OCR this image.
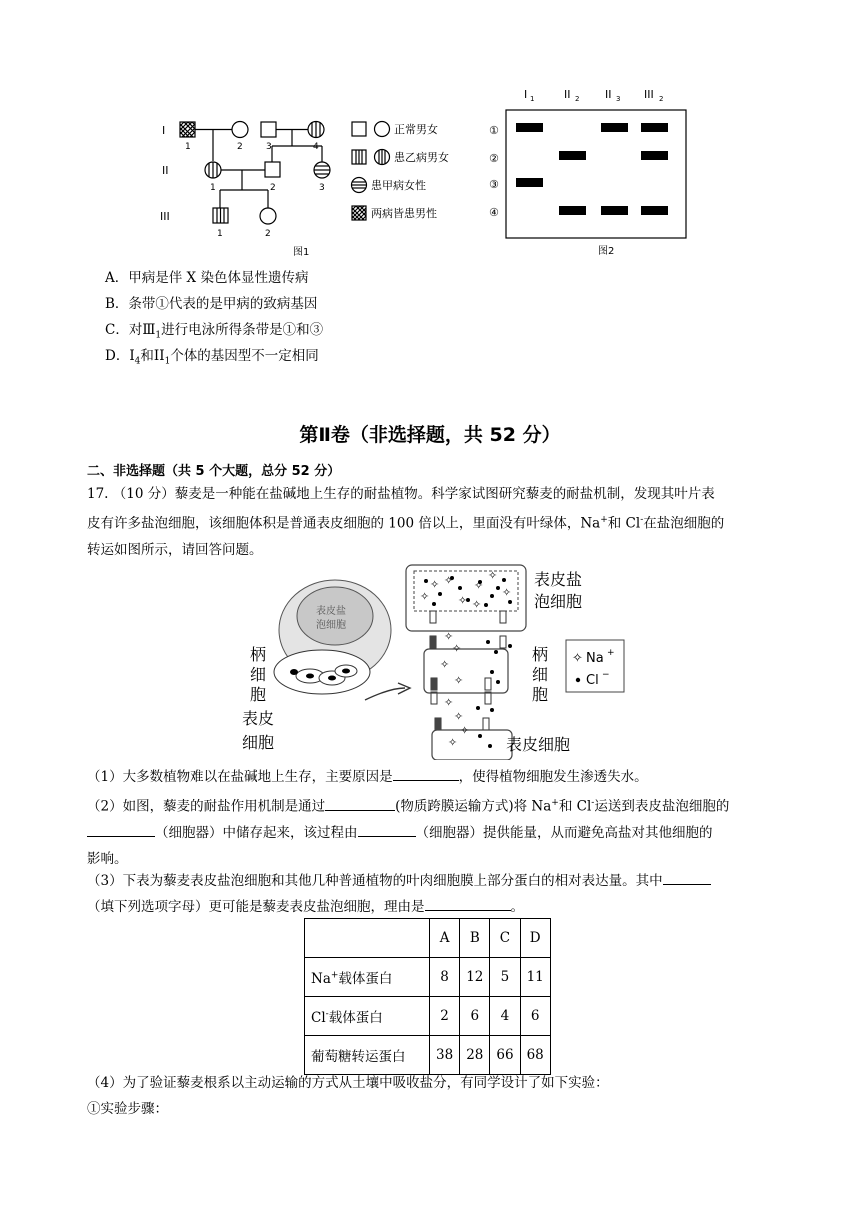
I
II
III
1	2	3	4
1	2	3
1	2
正常男女
患乙病男女
患甲病女性
两病皆患男性
图1
I 1	II 2 II 3 III 2
①
②
③
④
图2
A．甲病是伴 X 染色体显性遗传病
B．条带①代表的是甲病的致病基因
C．对$Ⅲ_1$进行电泳所得条带是①和③
D．$I_4$和$II_1$个体的基因型不一定相同
第Ⅱ卷（非选择题，共 52 分）
二、非选择题（共 5 个大题，总分 52 分）
17. （10 分）藜麦是一种能在盐碱地上生存的耐盐植物。科学家试图研究藜麦的耐盐机制，发现其叶片表
皮有许多盐泡细胞，该细胞体积是普通表皮细胞的 100 倍以上，里面没有叶绿体，Na+和 Cl-在盐泡细胞的
转运如图所示，请回答问题。
表皮盐
泡细胞
柄
细
胞
表皮
细胞
✧ ✧
✧
✧
✧
✧
✧
✧
✧
✧
✧
✧
✧
✧
✧
✧
表皮盐
泡细胞
柄
细
胞
表皮细胞
✧ Na +
Cl −
（1）大多数植物难以在盐碱地上生存，主要原因是	，使得植物细胞发生渗透失水。
（2）如图，藜麦的耐盐作用机制是通过	(物质跨膜运输方式)将 Na+和 Cl-运送到表皮盐泡细胞的
（细胞器）中储存起来，该过程由	（细胞器）提供能量，从而避免高盐对其他细胞的
影响。
（3）下表为藜麦表皮盐泡细胞和其他几种普通植物的叶肉细胞膜上部分蛋白的相对表达量。其中
（填下列选项字母）更可能是藜麦表皮盐泡细胞，理由是	。
	A	B	C	D
Na+载体蛋白	8	12	5	11
Cl-载体蛋白	2	6	4	6
葡萄糖转运蛋白	38	28	66	68
（4）为了验证藜麦根系以主动运输的方式从土壤中吸收盐分，有同学设计了如下实验：
①实验步骤：
